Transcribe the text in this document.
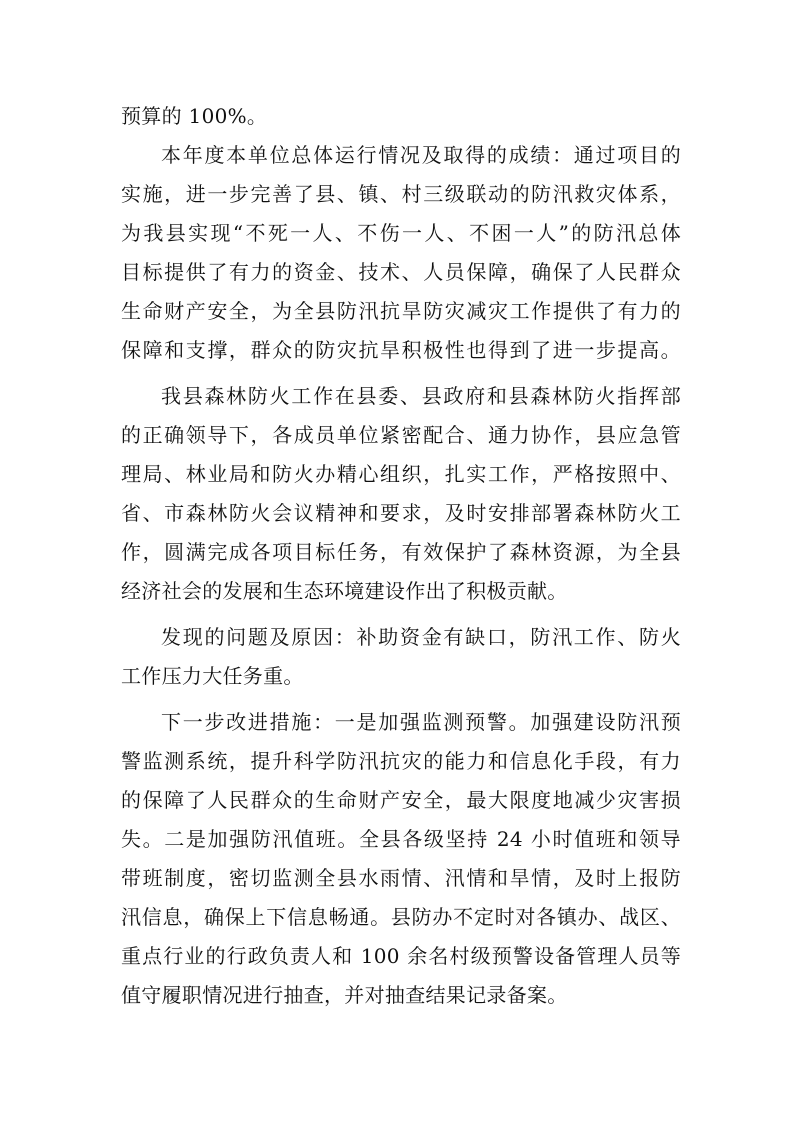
预算的 100%。
本年度本单位总体运行情况及取得的成绩：通过项目的
实施，进一步完善了县、镇、村三级联动的防汛救灾体系，
为我县实现“不死一人、不伤一人、不困一人”的防汛总体
目标提供了有力的资金、技术、人员保障，确保了人民群众
生命财产安全，为全县防汛抗旱防灾减灾工作提供了有力的
保障和支撑，群众的防灾抗旱积极性也得到了进一步提高。
我县森林防火工作在县委、县政府和县森林防火指挥部
的正确领导下，各成员单位紧密配合、通力协作，县应急管
理局、林业局和防火办精心组织，扎实工作，严格按照中、
省、市森林防火会议精神和要求，及时安排部署森林防火工
作，圆满完成各项目标任务，有效保护了森林资源，为全县
经济社会的发展和生态环境建设作出了积极贡献。
发现的问题及原因：补助资金有缺口，防汛工作、防火
工作压力大任务重。
下一步改进措施：一是加强监测预警。加强建设防汛预
警监测系统，提升科学防汛抗灾的能力和信息化手段，有力
的保障了人民群众的生命财产安全，最大限度地减少灾害损
失。二是加强防汛值班。全县各级坚持 24 小时值班和领导
带班制度，密切监测全县水雨情、汛情和旱情，及时上报防
汛信息，确保上下信息畅通。县防办不定时对各镇办、战区、
重点行业的行政负责人和 100 余名村级预警设备管理人员等
值守履职情况进行抽查，并对抽查结果记录备案。
